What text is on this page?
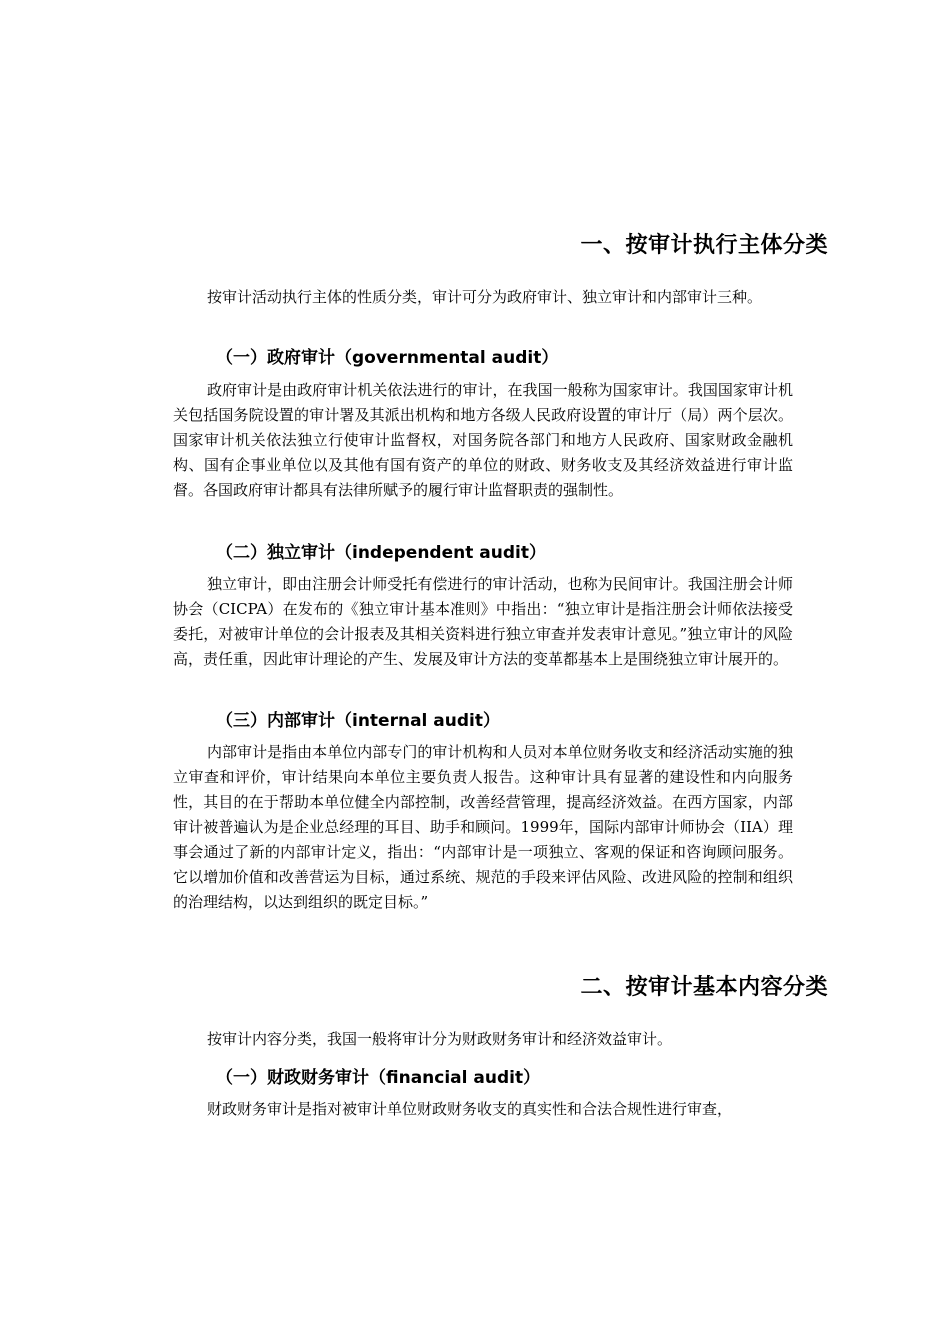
一、按审计执行主体分类

按审计活动执行主体的性质分类，审计可分为政府审计、独立审计和内部审计三种。

（一）政府审计（governmental audit）

政府审计是由政府审计机关依法进行的审计，在我国一般称为国家审计。我国国家审计机关包括国务院设置的审计署及其派出机构和地方各级人民政府设置的审计厅（局）两个层次。国家审计机关依法独立行使审计监督权，对国务院各部门和地方人民政府、国家财政金融机构、国有企事业单位以及其他有国有资产的单位的财政、财务收支及其经济效益进行审计监督。各国政府审计都具有法律所赋予的履行审计监督职责的强制性。

（二）独立审计（independent audit）

独立审计，即由注册会计师受托有偿进行的审计活动，也称为民间审计。我国注册会计师协会（CICPA）在发布的《独立审计基本准则》中指出：“独立审计是指注册会计师依法接受委托，对被审计单位的会计报表及其相关资料进行独立审查并发表审计意见。”独立审计的风险高，责任重，因此审计理论的产生、发展及审计方法的变革都基本上是围绕独立审计展开的。

（三）内部审计（internal audit）

内部审计是指由本单位内部专门的审计机构和人员对本单位财务收支和经济活动实施的独立审查和评价，审计结果向本单位主要负责人报告。这种审计具有显著的建设性和内向服务性，其目的在于帮助本单位健全内部控制，改善经营管理，提高经济效益。在西方国家，内部审计被普遍认为是企业总经理的耳目、助手和顾问。1999年，国际内部审计师协会（IIA）理事会通过了新的内部审计定义，指出：“内部审计是一项独立、客观的保证和咨询顾问服务。它以增加价值和改善营运为目标，通过系统、规范的手段来评估风险、改进风险的控制和组织的治理结构，以达到组织的既定目标。”

二、按审计基本内容分类

按审计内容分类，我国一般将审计分为财政财务审计和经济效益审计。

（一）财政财务审计（financial audit）

财政财务审计是指对被审计单位财政财务收支的真实性和合法合规性进行审查，
